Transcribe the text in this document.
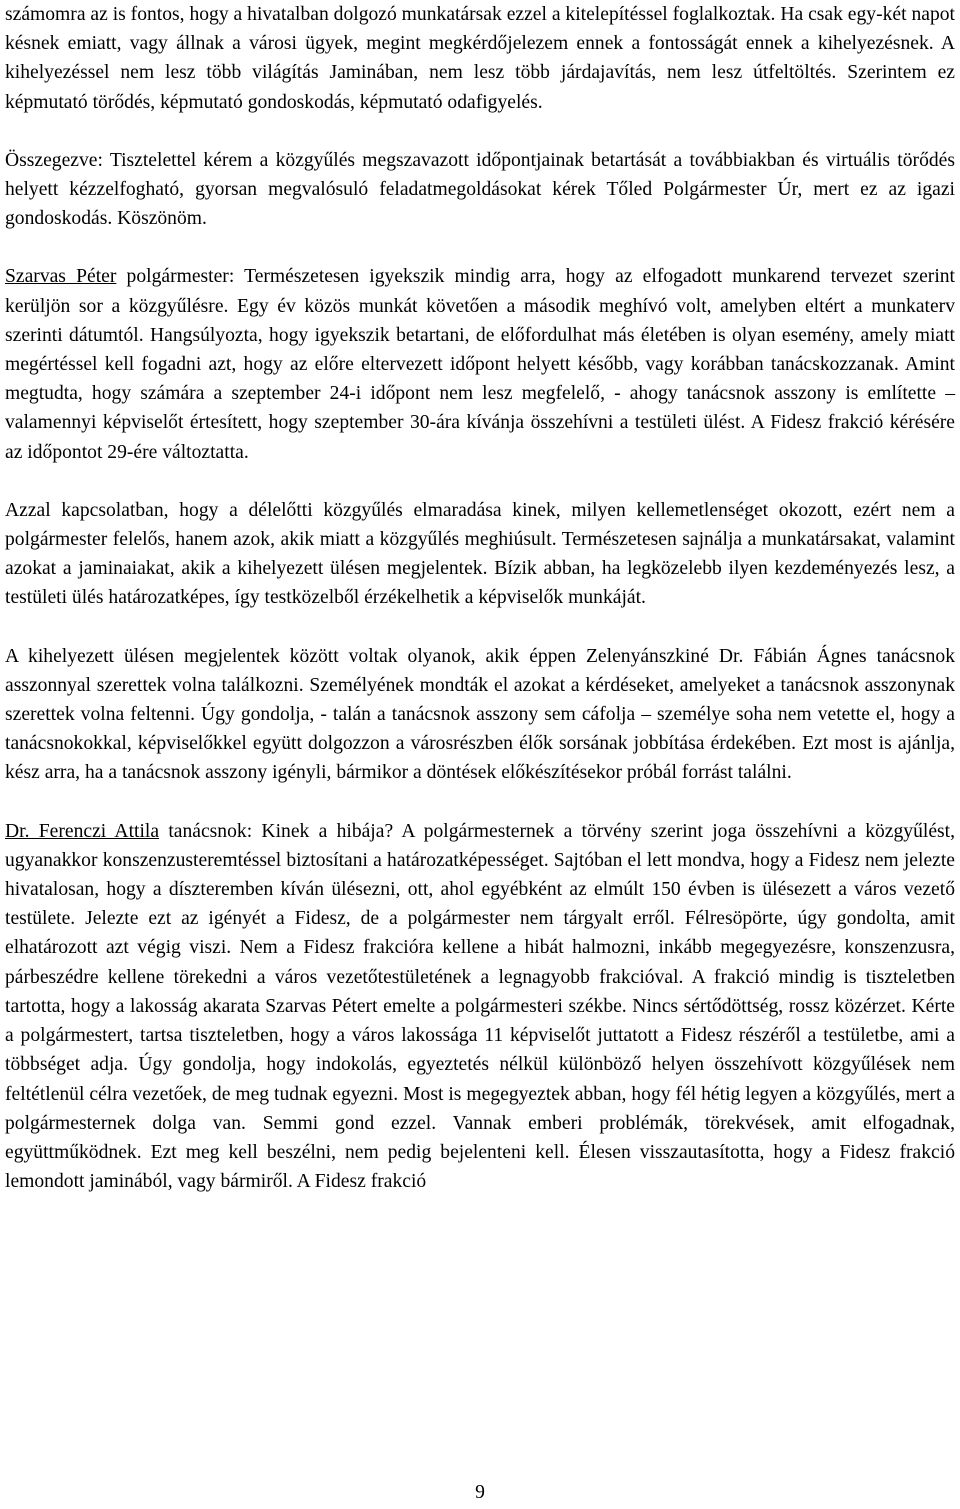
számomra az is fontos, hogy a hivatalban dolgozó munkatársak ezzel a kitelepítéssel foglalkoztak. Ha csak egy-két napot késnek emiatt, vagy állnak a városi ügyek, megint megkérdőjelezem ennek a fontosságát ennek a kihelyezésnek. A kihelyezéssel nem lesz több világítás Jaminában, nem lesz több járdajavítás, nem lesz útfeltöltés. Szerintem ez képmutató törődés, képmutató gondoskodás, képmutató odafigyelés.

Összegezve: Tisztelettel kérem a közgyűlés megszavazott időpontjainak betartását a továbbiakban és virtuális törődés helyett kézzelfogható, gyorsan megvalósuló feladatmegoldásokat kérek Tőled Polgármester Úr, mert ez az igazi gondoskodás. Köszönöm.

Szarvas Péter polgármester: Természetesen igyekszik mindig arra, hogy az elfogadott munkarend tervezet szerint kerüljön sor a közgyűlésre. Egy év közös munkát követően a második meghívó volt, amelyben eltért a munkaterv szerinti dátumtól. Hangsúlyozta, hogy igyekszik betartani, de előfordulhat más életében is olyan esemény, amely miatt megértéssel kell fogadni azt, hogy az előre eltervezett időpont helyett később, vagy korábban tanácskozzanak. Amint megtudta, hogy számára a szeptember 24-i időpont nem lesz megfelelő, - ahogy tanácsnok asszony is említette – valamennyi képviselőt értesített, hogy szeptember 30-ára kívánja összehívni a testületi ülést. A Fidesz frakció kérésére az időpontot 29-ére változtatta.

Azzal kapcsolatban, hogy a délelőtti közgyűlés elmaradása kinek, milyen kellemetlenséget okozott, ezért nem a polgármester felelős, hanem azok, akik miatt a közgyűlés meghiúsult. Természetesen sajnálja a munkatársakat, valamint azokat a jaminaiakat, akik a kihelyezett ülésen megjelentek. Bízik abban, ha legközelebb ilyen kezdeményezés lesz, a testületi ülés határozatképes, így testközelből érzékelhetik a képviselők munkáját.

A kihelyezett ülésen megjelentek között voltak olyanok, akik éppen Zelenyánszkiné Dr. Fábián Ágnes tanácsnok asszonnyal szerettek volna találkozni. Személyének mondták el azokat a kérdéseket, amelyeket a tanácsnok asszonynak szerettek volna feltenni. Úgy gondolja, - talán a tanácsnok asszony sem cáfolja – személye soha nem vetette el, hogy a tanácsnokokkal, képviselőkkel együtt dolgozzon a városrészben élők sorsának jobbítása érdekében. Ezt most is ajánlja, kész arra, ha a tanácsnok asszony igényli, bármikor a döntések előkészítésekor próbál forrást találni.

Dr. Ferenczi Attila tanácsnok: Kinek a hibája? A polgármesternek a törvény szerint joga összehívni a közgyűlést, ugyanakkor konszenzusteremtéssel biztosítani a határozatképességet. Sajtóban el lett mondva, hogy a Fidesz nem jelezte hivatalosan, hogy a díszteremben kíván ülésezni, ott, ahol egyébként az elmúlt 150 évben is ülésezett a város vezető testülete. Jelezte ezt az igényét a Fidesz, de a polgármester nem tárgyalt erről. Félresöpörte, úgy gondolta, amit elhatározott azt végig viszi. Nem a Fidesz frakcióra kellene a hibát halmozni, inkább megegyezésre, konszenzusra, párbeszédre kellene törekedni a város vezetőtestületének a legnagyobb frakcióval. A frakció mindig is tiszteletben tartotta, hogy a lakosság akarata Szarvas Pétert emelte a polgármesteri székbe. Nincs sértődöttség, rossz közérzet. Kérte a polgármestert, tartsa tiszteletben, hogy a város lakossága 11 képviselőt juttatott a Fidesz részéről a testületbe, ami a többséget adja. Úgy gondolja, hogy indokolás, egyeztetés nélkül különböző helyen összehívott közgyűlések nem feltétlenül célra vezetőek, de meg tudnak egyezni. Most is megegyeztek abban, hogy fél hétig legyen a közgyűlés, mert a polgármesternek dolga van. Semmi gond ezzel. Vannak emberi problémák, törekvések, amit elfogadnak, együttműködnek. Ezt meg kell beszélni, nem pedig bejelenteni kell. Élesen visszautasította, hogy a Fidesz frakció lemondott jaminából, vagy bármiről. A Fidesz frakció

9
